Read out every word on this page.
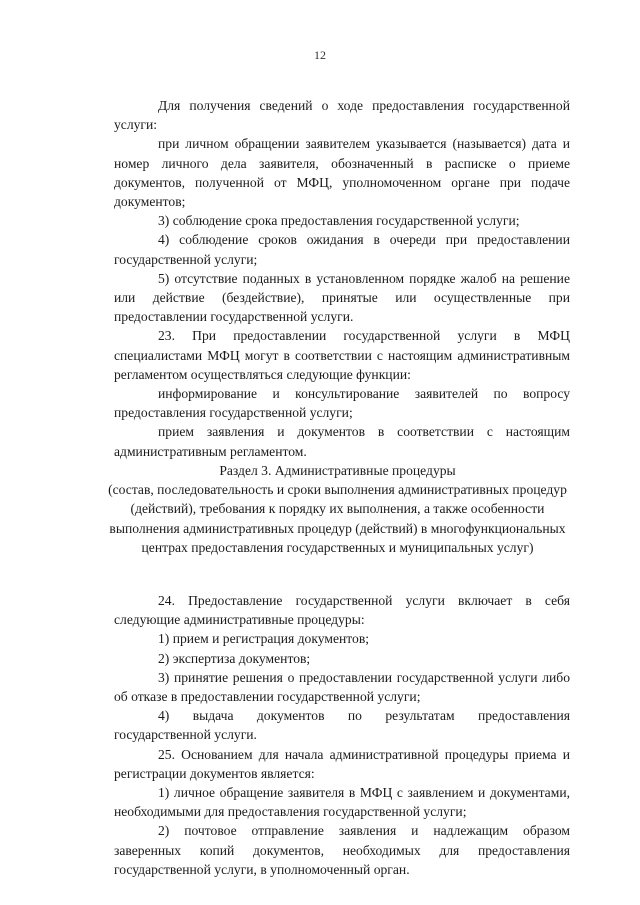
12

Для получения сведений о ходе предоставления государственной услуги:

при личном обращении заявителем указывается (называется) дата и номер личного дела заявителя, обозначенный в расписке о приеме документов, полученной от МФЦ, уполномоченном органе при подаче документов;

3) соблюдение срока предоставления государственной услуги;

4) соблюдение сроков ожидания в очереди при предоставлении государственной услуги;

5) отсутствие поданных в установленном порядке жалоб на решение или действие (бездействие), принятые или осуществленные при предоставлении государственной услуги.

23. При предоставлении государственной услуги в МФЦ специалистами МФЦ могут в соответствии с настоящим административным регламентом осуществляться следующие функции:

информирование и консультирование заявителей по вопросу предоставления государственной услуги;

прием заявления и документов в соответствии с настоящим административным регламентом.

Раздел 3. Административные процедуры

(состав, последовательность и сроки выполнения административных процедур (действий), требования к порядку их выполнения, а также особенности выполнения административных процедур (действий) в многофункциональных центрах предоставления государственных и муниципальных услуг)

24. Предоставление государственной услуги включает в себя следующие административные процедуры:

1) прием и регистрация документов;

2) экспертиза документов;

3) принятие решения о предоставлении государственной услуги либо об отказе в предоставлении государственной услуги;

4) выдача документов по результатам предоставления государственной услуги.

25. Основанием для начала административной процедуры приема и регистрации документов является:

1) личное обращение заявителя в МФЦ с заявлением и документами, необходимыми для предоставления государственной услуги;

2) почтовое отправление заявления и надлежащим образом заверенных копий документов, необходимых для предоставления государственной услуги, в уполномоченный орган.
